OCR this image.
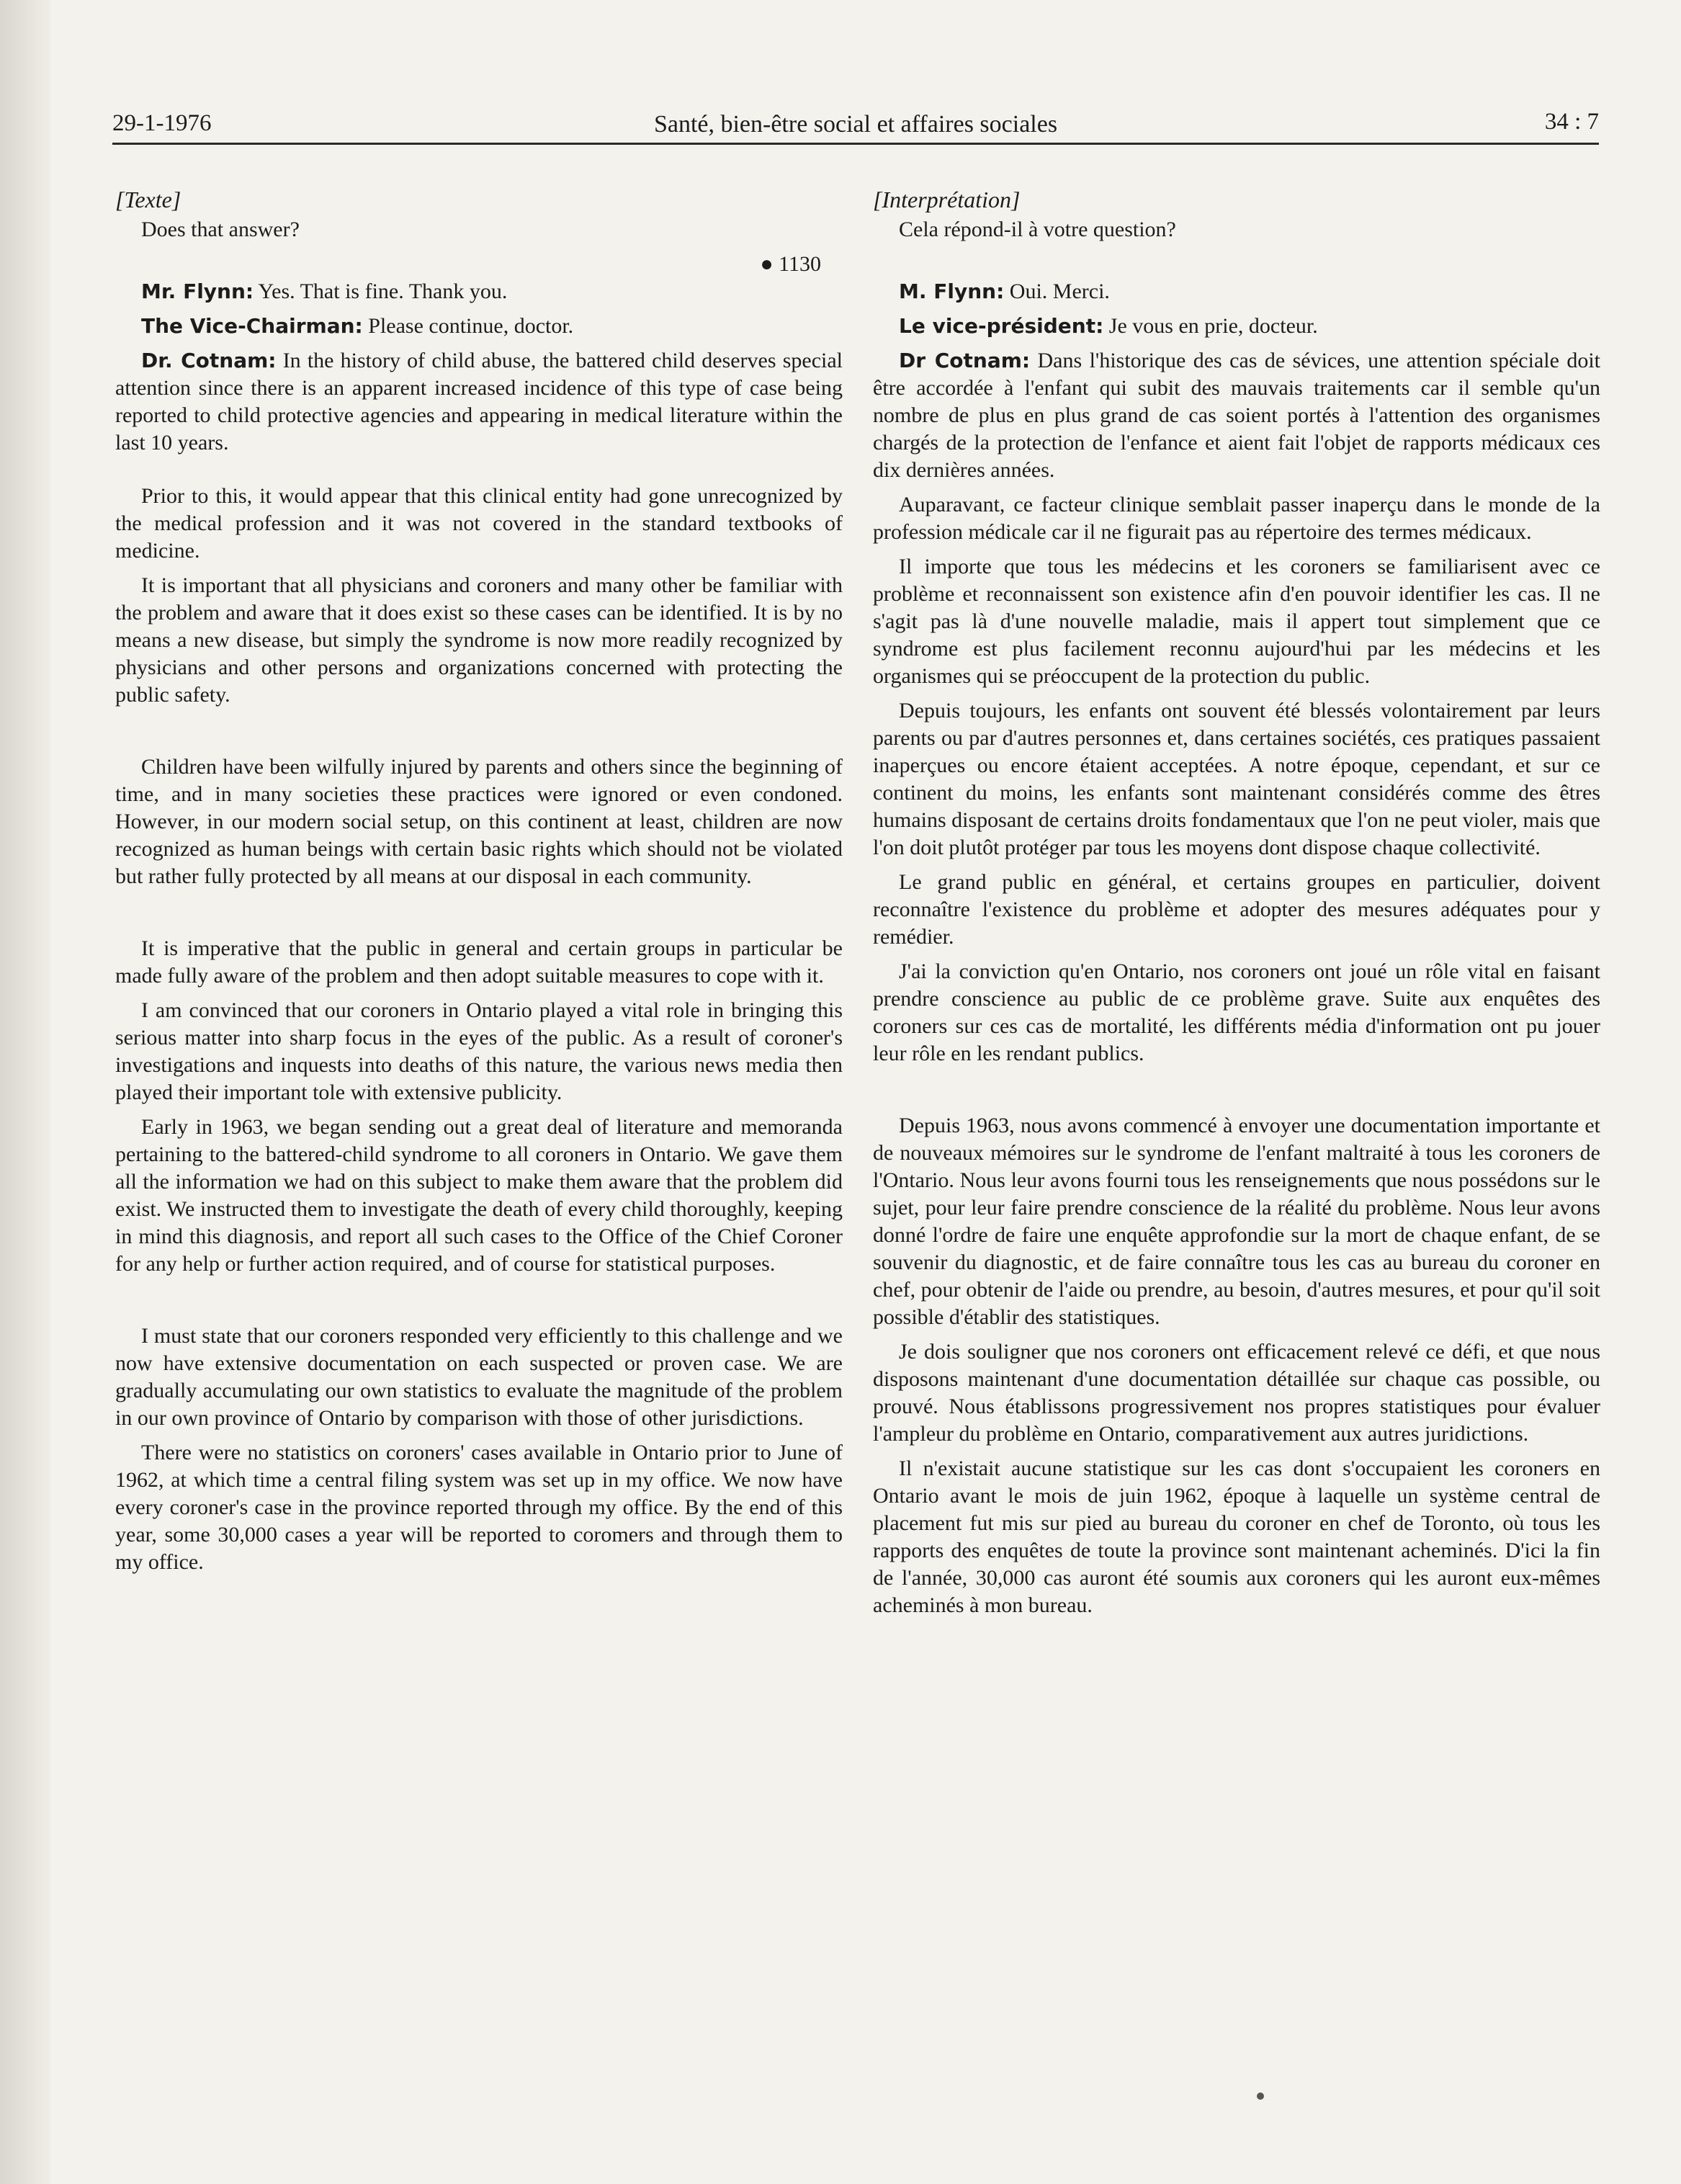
29-1-1976	Santé, bien-être social et affaires sociales	34 : 7

[Texte]

Does that answer?

● 1130

Mr. Flynn: Yes. That is fine. Thank you.

The Vice-Chairman: Please continue, doctor.

Dr. Cotnam: In the history of child abuse, the battered child deserves special attention since there is an apparent increased incidence of this type of case being reported to child protective agencies and appearing in medical literature within the last 10 years.

Prior to this, it would appear that this clinical entity had gone unrecognized by the medical profession and it was not covered in the standard textbooks of medicine.

It is important that all physicians and coroners and many other be familiar with the problem and aware that it does exist so these cases can be identified. It is by no means a new disease, but simply the syndrome is now more readily recognized by physicians and other persons and organizations concerned with protecting the public safety.

Children have been wilfully injured by parents and others since the beginning of time, and in many societies these practices were ignored or even condoned. However, in our modern social setup, on this continent at least, children are now recognized as human beings with certain basic rights which should not be violated but rather fully protected by all means at our disposal in each community.

It is imperative that the public in general and certain groups in particular be made fully aware of the problem and then adopt suitable measures to cope with it.

I am convinced that our coroners in Ontario played a vital role in bringing this serious matter into sharp focus in the eyes of the public. As a result of coroner's investigations and inquests into deaths of this nature, the various news media then played their important tole with extensive publicity.

Early in 1963, we began sending out a great deal of literature and memoranda pertaining to the battered-child syndrome to all coroners in Ontario. We gave them all the information we had on this subject to make them aware that the problem did exist. We instructed them to investigate the death of every child thoroughly, keeping in mind this diagnosis, and report all such cases to the Office of the Chief Coroner for any help or further action required, and of course for statistical purposes.

I must state that our coroners responded very efficiently to this challenge and we now have extensive documentation on each suspected or proven case. We are gradually accumulating our own statistics to evaluate the magnitude of the problem in our own province of Ontario by comparison with those of other jurisdictions.

There were no statistics on coroners' cases available in Ontario prior to June of 1962, at which time a central filing system was set up in my office. We now have every coroner's case in the province reported through my office. By the end of this year, some 30,000 cases a year will be reported to coromers and through them to my office.

[Interprétation]

Cela répond-il à votre question?

M. Flynn: Oui. Merci.

Le vice-président: Je vous en prie, docteur.

Dr Cotnam: Dans l'historique des cas de sévices, une attention spéciale doit être accordée à l'enfant qui subit des mauvais traitements car il semble qu'un nombre de plus en plus grand de cas soient portés à l'attention des organismes chargés de la protection de l'enfance et aient fait l'objet de rapports médicaux ces dix dernières années.

Auparavant, ce facteur clinique semblait passer inaperçu dans le monde de la profession médicale car il ne figurait pas au répertoire des termes médicaux.

Il importe que tous les médecins et les coroners se familiarisent avec ce problème et reconnaissent son existence afin d'en pouvoir identifier les cas. Il ne s'agit pas là d'une nouvelle maladie, mais il appert tout simplement que ce syndrome est plus facilement reconnu aujourd'hui par les médecins et les organismes qui se préoccupent de la protection du public.

Depuis toujours, les enfants ont souvent été blessés volontairement par leurs parents ou par d'autres personnes et, dans certaines sociétés, ces pratiques passaient inaperçues ou encore étaient acceptées. A notre époque, cependant, et sur ce continent du moins, les enfants sont maintenant considérés comme des êtres humains disposant de certains droits fondamentaux que l'on ne peut violer, mais que l'on doit plutôt protéger par tous les moyens dont dispose chaque collectivité.

Le grand public en général, et certains groupes en particulier, doivent reconnaître l'existence du problème et adopter des mesures adéquates pour y remédier.

J'ai la conviction qu'en Ontario, nos coroners ont joué un rôle vital en faisant prendre conscience au public de ce problème grave. Suite aux enquêtes des coroners sur ces cas de mortalité, les différents média d'information ont pu jouer leur rôle en les rendant publics.

Depuis 1963, nous avons commencé à envoyer une documentation importante et de nouveaux mémoires sur le syndrome de l'enfant maltraité à tous les coroners de l'Ontario. Nous leur avons fourni tous les renseignements que nous possédons sur le sujet, pour leur faire prendre conscience de la réalité du problème. Nous leur avons donné l'ordre de faire une enquête approfondie sur la mort de chaque enfant, de se souvenir du diagnostic, et de faire connaître tous les cas au bureau du coroner en chef, pour obtenir de l'aide ou prendre, au besoin, d'autres mesures, et pour qu'il soit possible d'établir des statistiques.

Je dois souligner que nos coroners ont efficacement relevé ce défi, et que nous disposons maintenant d'une documentation détaillée sur chaque cas possible, ou prouvé. Nous établissons progressivement nos propres statistiques pour évaluer l'ampleur du problème en Ontario, comparativement aux autres juridictions.

Il n'existait aucune statistique sur les cas dont s'occupaient les coroners en Ontario avant le mois de juin 1962, époque à laquelle un système central de placement fut mis sur pied au bureau du coroner en chef de Toronto, où tous les rapports des enquêtes de toute la province sont maintenant acheminés. D'ici la fin de l'année, 30,000 cas auront été soumis aux coroners qui les auront eux-mêmes acheminés à mon bureau.
